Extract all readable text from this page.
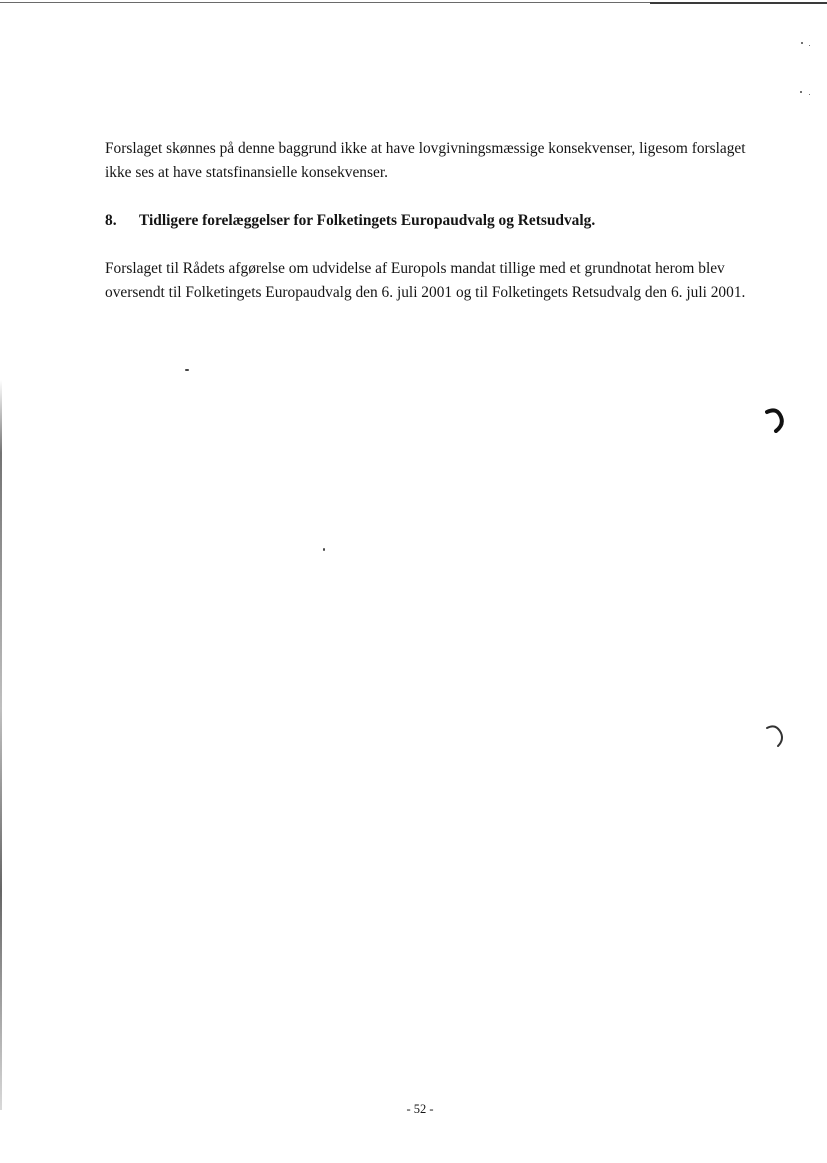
Forslaget skønnes på denne baggrund ikke at have lovgivningsmæssige konsekvenser, ligesom forslaget ikke ses at have statsfinansielle konsekvenser.

8. Tidligere forelæggelser for Folketingets Europaudvalg og Retsudvalg.

Forslaget til Rådets afgørelse om udvidelse af Europols mandat tillige med et grundnotat herom blev oversendt til Folketingets Europaudvalg den 6. juli 2001 og til Folketingets Retsudvalg den 6. juli 2001.

- 52 -
